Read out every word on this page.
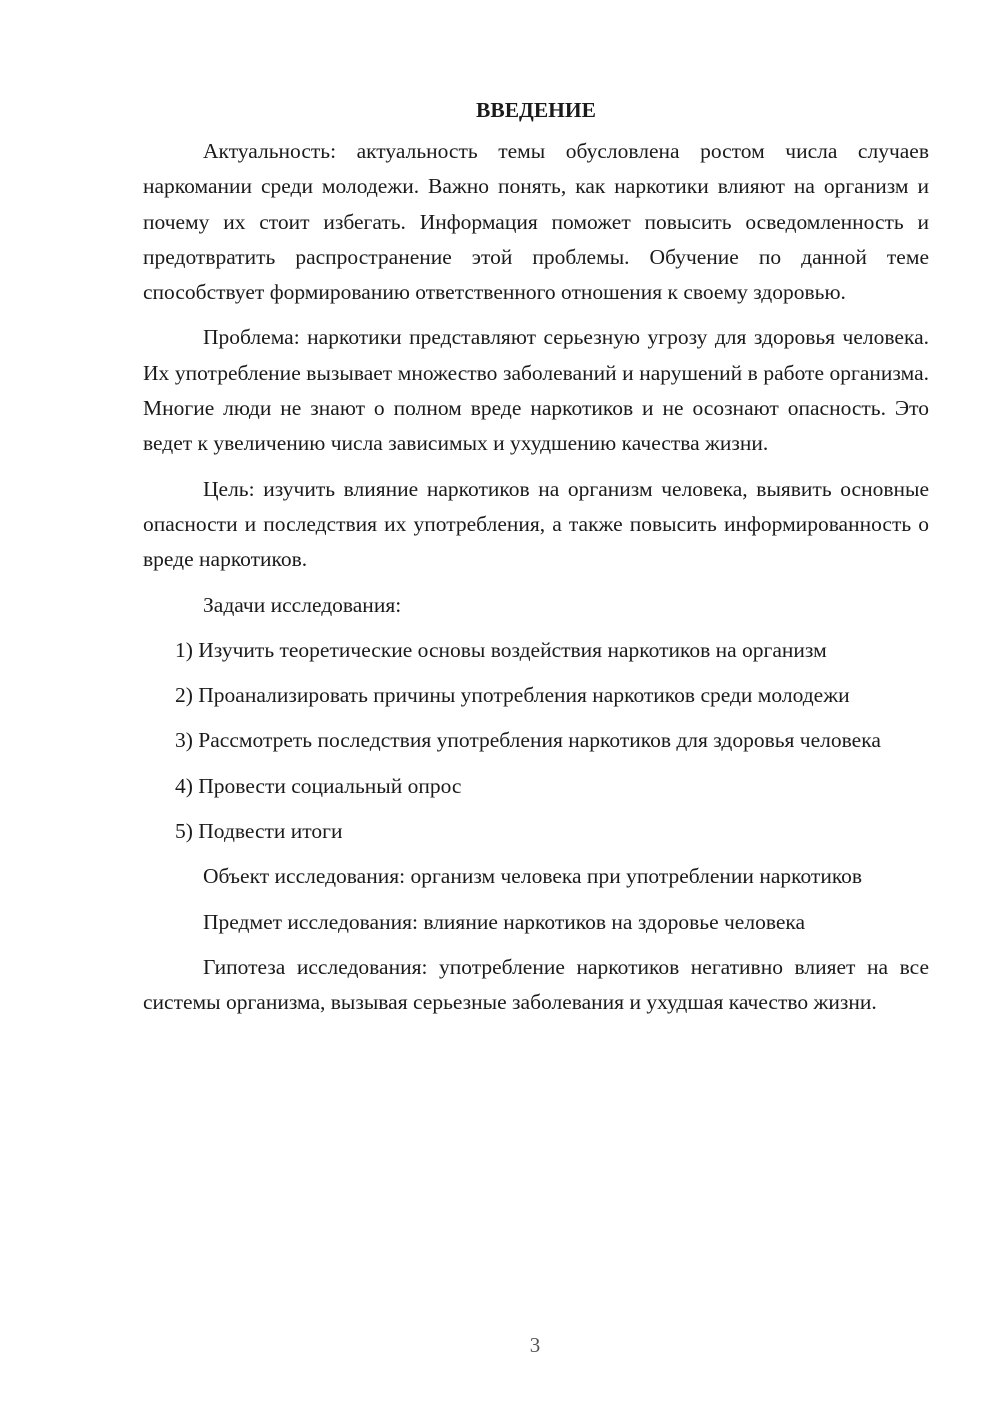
ВВЕДЕНИЕ

Актуальность: актуальность темы обусловлена ростом числа случаев наркомании среди молодежи. Важно понять, как наркотики влияют на организм и почему их стоит избегать. Информация поможет повысить осведомленность и предотвратить распространение этой проблемы. Обучение по данной теме способствует формированию ответственного отношения к своему здоровью.

Проблема: наркотики представляют серьезную угрозу для здоровья человека. Их употребление вызывает множество заболеваний и нарушений в работе организма. Многие люди не знают о полном вреде наркотиков и не осознают опасность. Это ведет к увеличению числа зависимых и ухудшению качества жизни.

Цель: изучить влияние наркотиков на организм человека, выявить основные опасности и последствия их употребления, а также повысить информированность о вреде наркотиков.

Задачи исследования:

1) Изучить теоретические основы воздействия наркотиков на организм

2) Проанализировать причины употребления наркотиков среди молодежи

3) Рассмотреть последствия употребления наркотиков для здоровья человека

4) Провести социальный опрос

5) Подвести итоги

Объект исследования: организм человека при употреблении наркотиков

Предмет исследования: влияние наркотиков на здоровье человека

Гипотеза исследования: употребление наркотиков негативно влияет на все системы организма, вызывая серьезные заболевания и ухудшая качество жизни.

3
